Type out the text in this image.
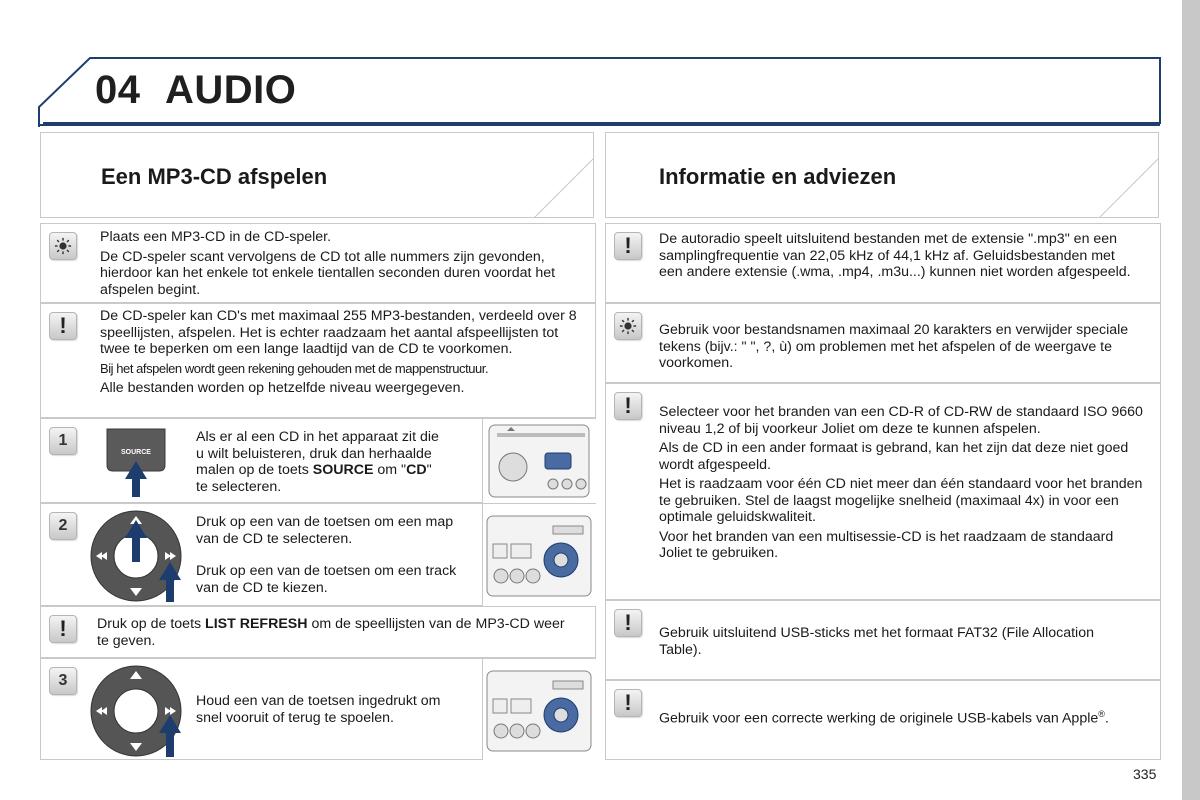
04 AUDIO
Een MP3-CD afspelen

Plaats een MP3-CD in de CD-speler.

De CD-speler scant vervolgens de CD tot alle nummers zijn gevonden, hierdoor kan het enkele tot enkele tientallen seconden duren voordat het afspelen begint.

! De CD-speler kan CD's met maximaal 255 MP3-bestanden, verdeeld over 8 speellijsten, afspelen. Het is echter raadzaam het aantal afspeellijsten tot twee te beperken om een lange laadtijd van de CD te voorkomen.

Bij het afspelen wordt geen rekening gehouden met de mappenstructuur.

Alle bestanden worden op hetzelfde niveau weergegeven.

1
SOURCE
Als er al een CD in het apparaat zit die u wilt beluisteren, druk dan herhaalde malen op de toets SOURCE om "CD" te selecteren.
2	Druk op een van de toetsen om een map van de CD te selecteren.

Druk op een van de toetsen om een track van de CD te kiezen.

! Druk op de toets LIST REFRESH om de speellijsten van de MP3-CD weer te geven.
3

Houd een van de toetsen ingedrukt om snel vooruit of terug te spoelen.

Informatie en adviezen
! De autoradio speelt uitsluitend bestanden met de extensie ".mp3" en een samplingfrequentie van 22,05 kHz of 44,1 kHz af. Geluidsbestanden met een andere extensie (.wma, .mp4, .m3u...) kunnen niet worden afgespeeld.

Gebruik voor bestandsnamen maximaal 20 karakters en verwijder speciale tekens (bijv.: " ", ?, ù) om problemen met het afspelen of de weergave te voorkomen.

! Selecteer voor het branden van een CD-R of CD-RW de standaard ISO 9660 niveau 1,2 of bij voorkeur Joliet om deze te kunnen afspelen.

Als de CD in een ander formaat is gebrand, kan het zijn dat deze niet goed wordt afgespeeld.

Het is raadzaam voor één CD niet meer dan één standaard voor het branden te gebruiken. Stel de laagst mogelijke snelheid (maximaal 4x) in voor een optimale geluidskwaliteit.

Voor het branden van een multisessie-CD is het raadzaam de standaard Joliet te gebruiken.

! Gebruik uitsluitend USB-sticks met het formaat FAT32 (File Allocation Table).

!
Gebruik voor een correcte werking de originele USB-kabels van Apple®.
335
